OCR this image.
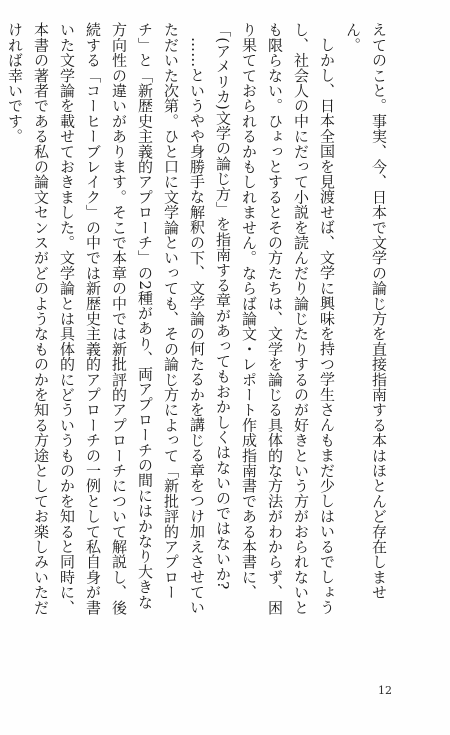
えてのこと。事実、今、日本で文学の論じ方を直接指南する本はほとんど存在しません。

しかし、日本全国を見渡せば、文学に興味を持つ学生さんもまだ少しはいるでしょうし、社会人の中にだって小説を読んだり論じたりするのが好きという方がおられないとも限らない。ひょっとするとその方たちは、文学を論じる具体的な方法がわからず、困り果てておられるかもしれません。ならば論文・レポート作成指南書である本書に、「(アメリカ)文学の論じ方」を指南する章があってもおかしくはないのではないか?

……というやや身勝手な解釈の下、文学論の何たるかを講じる章をつけ加えさせていただいた次第。ひと口に文学論といっても、その論じ方によって「新批評的アプローチ」と「新歴史主義的アプローチ」の2種があり、両アプローチの間にはかなり大きな方向性の違いがあります。そこで本章の中では新批評的アプローチについて解説し、後続する「コーヒーブレイク」の中では新歴史主義的アプローチの一例として私自身が書いた文学論を載せておきました。文学論とは具体的にどういうものかを知ると同時に、本書の著者である私の論文センスがどのようなものかを知る方途としてお楽しみいただければ幸いです。

12
